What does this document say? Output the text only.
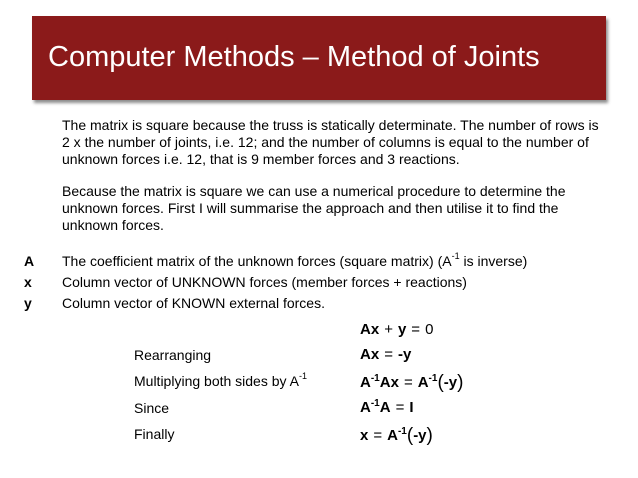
Computer Methods – Method of Joints
The matrix is square because the truss is statically determinate. The number of rows is 2 x the number of joints, i.e. 12; and the number of columns is equal to the number of unknown forces i.e. 12, that is 9 member forces and 3 reactions.
Because the matrix is square we can use a numerical procedure to determine the unknown forces. First I will summarise the approach and then utilise it to find the unknown forces.
A The coefficient matrix of the unknown forces (square matrix) ($A^{-1}$ is inverse)
x Column vector of UNKNOWN forces (member forces + reactions)
y Column vector of KNOWN external forces.
Ax + y = 0
Rearranging	Ax = -y
Multiplying both sides by $A^{-1}$	$A^{-1}Ax = A^{-1}(-y)$
Since	$A^{-1}A = I$
Finally	$x = A^{-1}(-y)$
